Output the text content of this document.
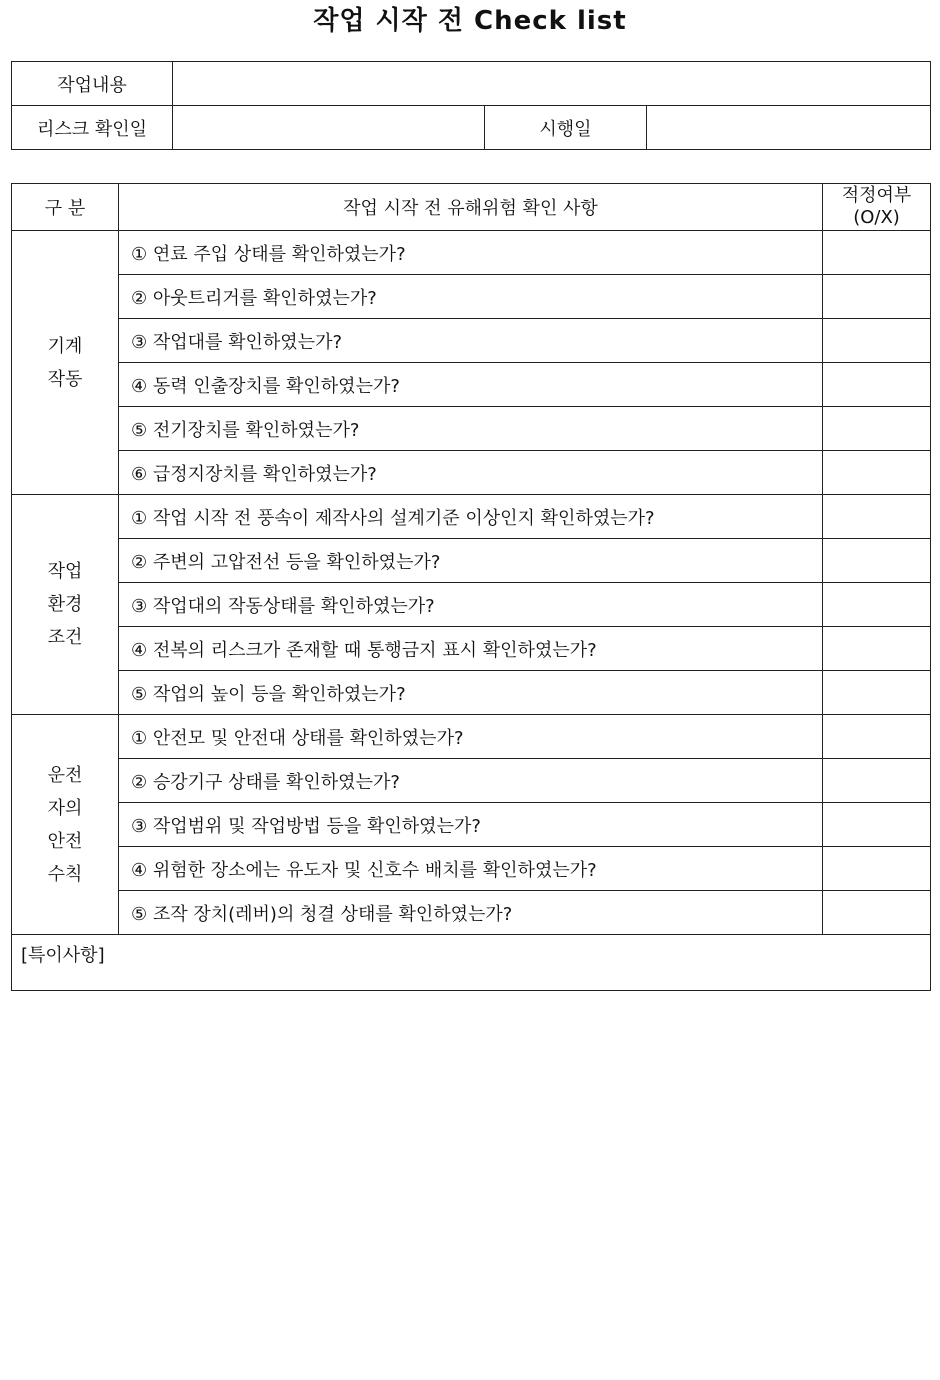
작업 시작 전 Check list
작업내용			
리스크 확인일		시행일	
구 분	작업 시작 전 유해위험 확인 사항	적정여부
(O/X)
기계
작동	① 연료 주입 상태를 확인하였는가?	
	② 아웃트리거를 확인하였는가?	
	③ 작업대를 확인하였는가?	
	④ 동력 인출장치를 확인하였는가?	
	⑤ 전기장치를 확인하였는가?	
	⑥ 급정지장치를 확인하였는가?	
작업
환경
조건	① 작업 시작 전 풍속이 제작사의 설계기준 이상인지 확인하였는가?	
	② 주변의 고압전선 등을 확인하였는가?	
	③ 작업대의 작동상태를 확인하였는가?	
	④ 전복의 리스크가 존재할 때 통행금지 표시 확인하였는가?	
	⑤ 작업의 높이 등을 확인하였는가?	
운전
자의
안전
수칙	① 안전모 및 안전대 상태를 확인하였는가?	
	② 승강기구 상태를 확인하였는가?	
	③ 작업범위 및 작업방법 등을 확인하였는가?	
	④ 위험한 장소에는 유도자 및 신호수 배치를 확인하였는가?	
	⑤ 조작 장치(레버)의 청결 상태를 확인하였는가?	
[특이사항]		
